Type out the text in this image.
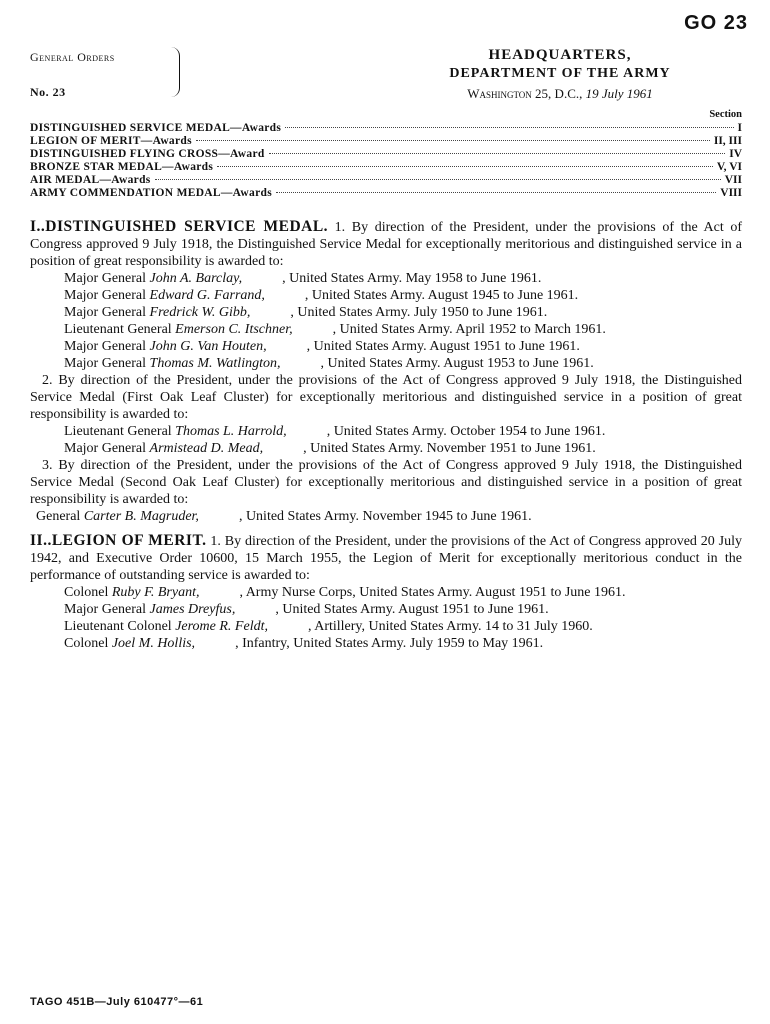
GO 23
General Orders
No. 23
HEADQUARTERS,
DEPARTMENT OF THE ARMY
Washington 25, D.C., 19 July 1961
Section
DISTINGUISHED SERVICE MEDAL—Awards	I
LEGION OF MERIT—Awards	II, III
DISTINGUISHED FLYING CROSS—Award	IV
BRONZE STAR MEDAL—Awards	V, VI
AIR MEDAL—Awards	VII
ARMY COMMENDATION MEDAL—Awards	VIII
I..DISTINGUISHED SERVICE MEDAL. 1. By direction of the President, under the provisions of the Act of Congress approved 9 July 1918, the Distinguished Service Medal for exceptionally meritorious and distinguished service in a position of great responsibility is awarded to:

Major General John A. Barclay,	, United States Army. May 1958 to June 1961.

Major General Edward G. Farrand,	, United States Army. August 1945 to June 1961.

Major General Fredrick W. Gibb,	, United States Army. July 1950 to June 1961.

Lieutenant General Emerson C. Itschner,	, United States Army. April 1952 to March 1961.

Major General John G. Van Houten,	, United States Army. August 1951 to June 1961.

Major General Thomas M. Watlington,	, United States Army. August 1953 to June 1961.

2. By direction of the President, under the provisions of the Act of Congress approved 9 July 1918, the Distinguished Service Medal (First Oak Leaf Cluster) for exceptionally meritorious and distinguished service in a position of great responsibility is awarded to:

Lieutenant General Thomas L. Harrold,	, United States Army. October 1954 to June 1961.

Major General Armistead D. Mead,	, United States Army. November 1951 to June 1961.

3. By direction of the President, under the provisions of the Act of Congress approved 9 July 1918, the Distinguished Service Medal (Second Oak Leaf Cluster) for exceptionally meritorious and distinguished service in a position of great responsibility is awarded to:
General Carter B. Magruder,	, United States Army. November 1945 to June 1961.
II..LEGION OF MERIT. 1. By direction of the President, under the provisions of the Act of Congress approved 20 July 1942, and Executive Order 10600, 15 March 1955, the Legion of Merit for exceptionally meritorious conduct in the performance of outstanding service is awarded to:

Colonel Ruby F. Bryant,	, Army Nurse Corps, United States Army. August 1951 to June 1961.

Major General James Dreyfus,	, United States Army. August 1951 to June 1961.

Lieutenant Colonel Jerome R. Feldt,	, Artillery, United States Army. 14 to 31 July 1960.

Colonel Joel M. Hollis,	, Infantry, United States Army. July 1959 to May 1961.

TAGO 451B—July 610477°—61
